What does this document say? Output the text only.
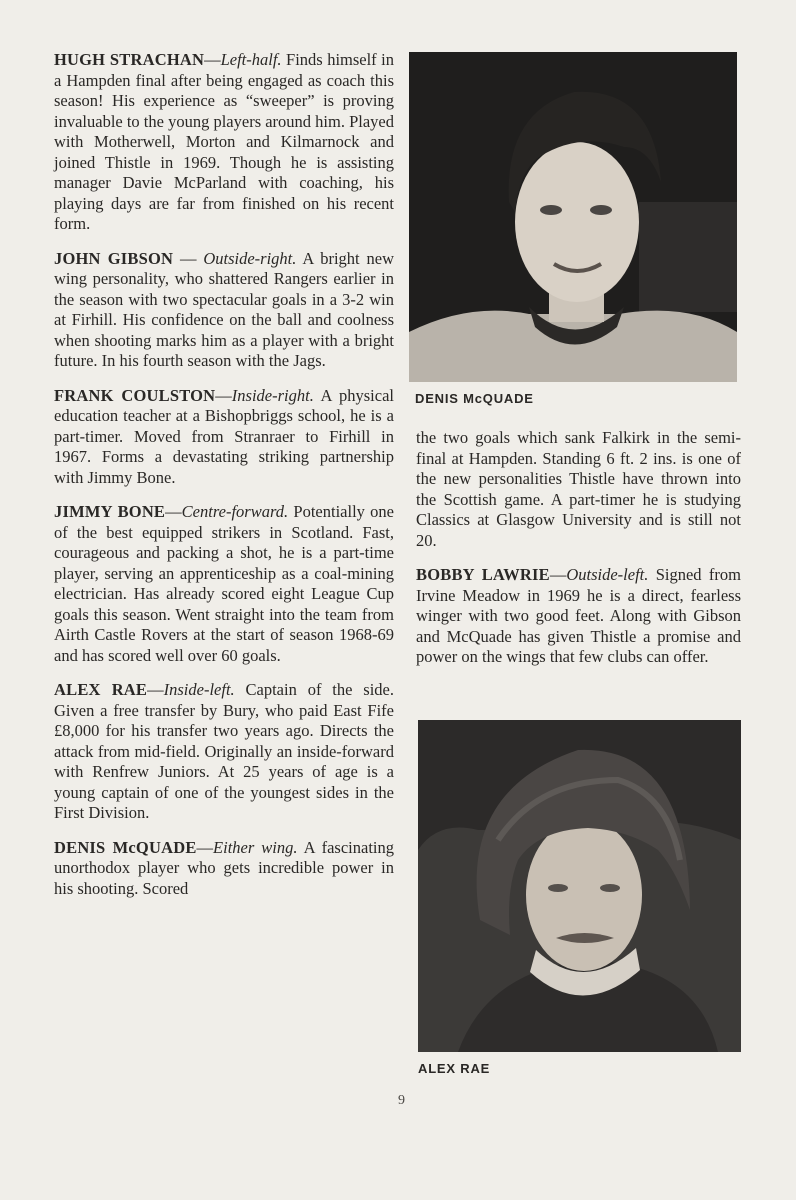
HUGH STRACHAN—Left-half. Finds himself in a Hampden final after being engaged as coach this season! His experience as “sweeper” is proving invaluable to the young players around him. Played with Motherwell, Morton and Kilmarnock and joined Thistle in 1969. Though he is assisting manager Davie McParland with coaching, his playing days are far from finished on his recent form.

JOHN GIBSON — Outside-right. A bright new wing personality, who shattered Rangers earlier in the season with two spectacular goals in a 3-2 win at Firhill. His confidence on the ball and coolness when shooting marks him as a player with a bright future. In his fourth season with the Jags.

FRANK COULSTON—Inside-right. A physical education teacher at a Bishopbriggs school, he is a part-timer. Moved from Stranraer to Firhill in 1967. Forms a devastating striking partnership with Jimmy Bone.

JIMMY BONE—Centre-forward. Potentially one of the best equipped strikers in Scotland. Fast, courageous and packing a shot, he is a part-time player, serving an apprenticeship as a coal-mining electrician. Has already scored eight League Cup goals this season. Went straight into the team from Airth Castle Rovers at the start of season 1968-69 and has scored well over 60 goals.

ALEX RAE—Inside-left. Captain of the side. Given a free transfer by Bury, who paid East Fife £8,000 for his transfer two years ago. Directs the attack from mid-field. Originally an inside-forward with Renfrew Juniors. At 25 years of age is a young captain of one of the youngest sides in the First Division.

DENIS McQUADE—Either wing. A fascinating unorthodox player who gets incredible power in his shooting. Scored

DENIS McQUADE

the two goals which sank Falkirk in the semi-final at Hampden. Standing 6 ft. 2 ins. is one of the new personalities Thistle have thrown into the Scottish game. A part-timer he is studying Classics at Glasgow University and is still not 20.

BOBBY LAWRIE—Outside-left. Signed from Irvine Meadow in 1969 he is a direct, fearless winger with two good feet. Along with Gibson and McQuade has given Thistle a promise and power on the wings that few clubs can offer.

ALEX RAE
9
